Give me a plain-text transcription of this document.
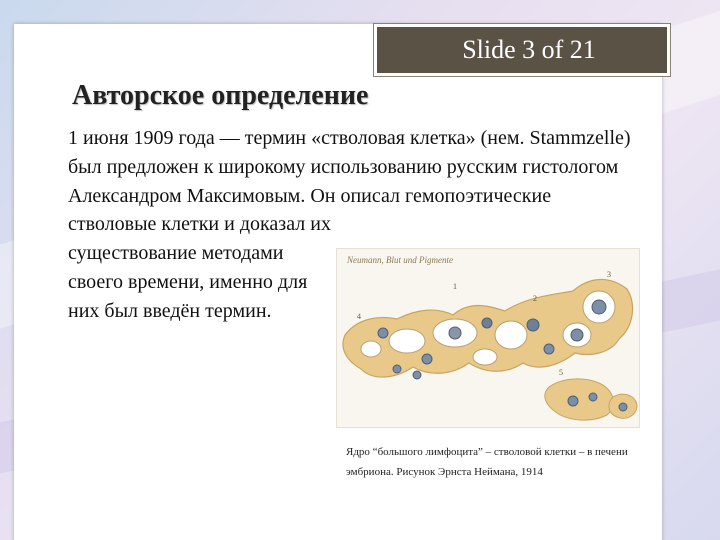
Slide 3 of 21
Авторское определение
1 июня 1909 года — термин «стволовая клетка» (нем. Stammzelle) был предложен к широкому использованию русским гистологом Александром Максимовым. Он описал гемопоэтические
стволовые клетки и доказал их существование методами своего времени, именно для них был введён термин.
Neumann, Blut und Pigmente
1
2
3
4
5
Ядро “большого лимфоцита” – стволовой клетки – в печени эмбриона. Рисунок Эрнста Неймана, 1914
